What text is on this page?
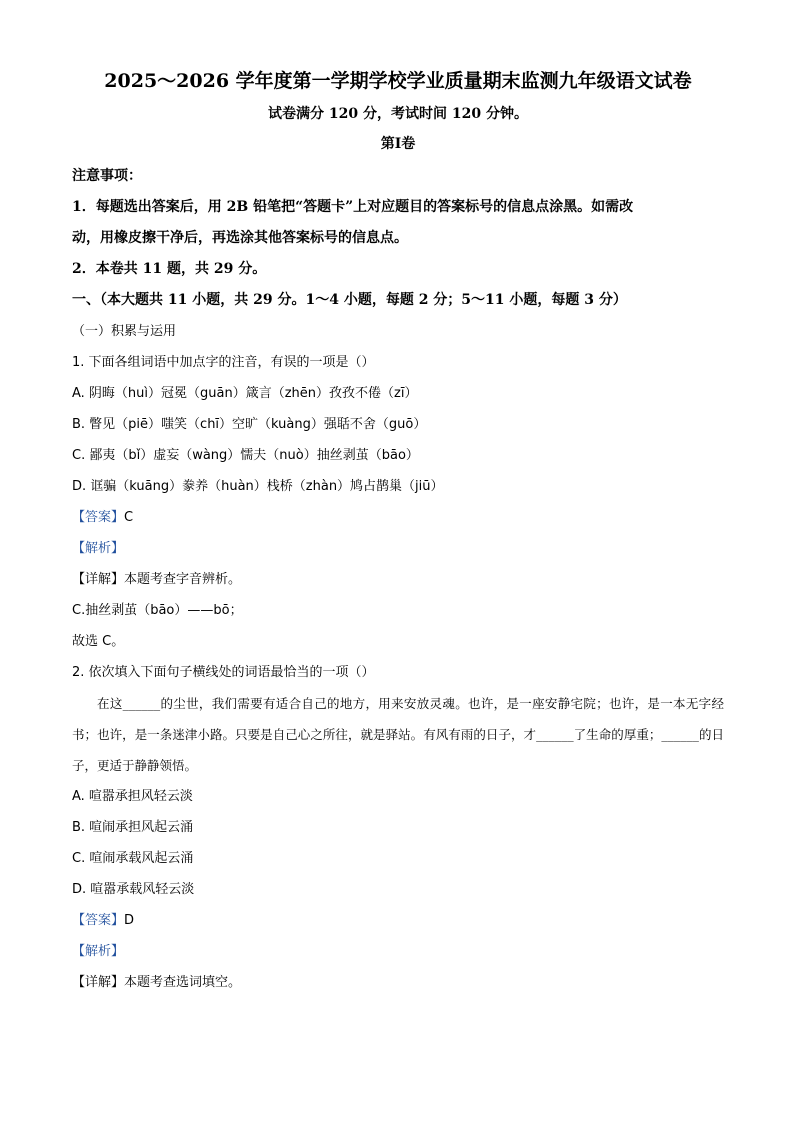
2025～2026 学年度第一学期学校学业质量期末监测九年级语文试卷
试卷满分 120 分，考试时间 120 分钟。
第Ⅰ卷
注意事项：
1．每题选出答案后，用 2B 铅笔把“答题卡”上对应题目的答案标号的信息点涂黑。如需改
动，用橡皮擦干净后，再选涂其他答案标号的信息点。
2．本卷共 11 题，共 29 分。
一、（本大题共 11 小题，共 29 分。1～4 小题，每题 2 分；5～11 小题，每题 3 分）
（一）积累与运用
1. 下面各组词语中加点字的注音，有误的一项是（）
A. 阴晦（huì）冠冕（guān）箴言（zhēn）孜孜不倦（zī）
B. 瞥见（piē）嗤笑（chī）空旷（kuàng）强聒不舍（guō）
C. 鄙夷（bǐ）虚妄（wàng）懦夫（nuò）抽丝剥茧（bāo）
D. 诓骗（kuāng）豢养（huàn）栈桥（zhàn）鸠占鹊巢（jiū）
【答案】C
【解析】
【详解】本题考查字音辨析。
C.抽丝剥茧（bāo）——bō；
故选 C。
2. 依次填入下面句子横线处的词语最恰当的一项（）
在这______的尘世，我们需要有适合自己的地方，用来安放灵魂。也许，是一座安静宅院；也许，是一本无字经书；也许，是一条迷津小路。只要是自己心之所往，就是驿站。有风有雨的日子，才______了生命的厚重；______的日子，更适于静静领悟。
A. 喧嚣承担风轻云淡
B. 喧闹承担风起云涌
C. 喧闹承载风起云涌
D. 喧嚣承载风轻云淡
【答案】D
【解析】
【详解】本题考查选词填空。
